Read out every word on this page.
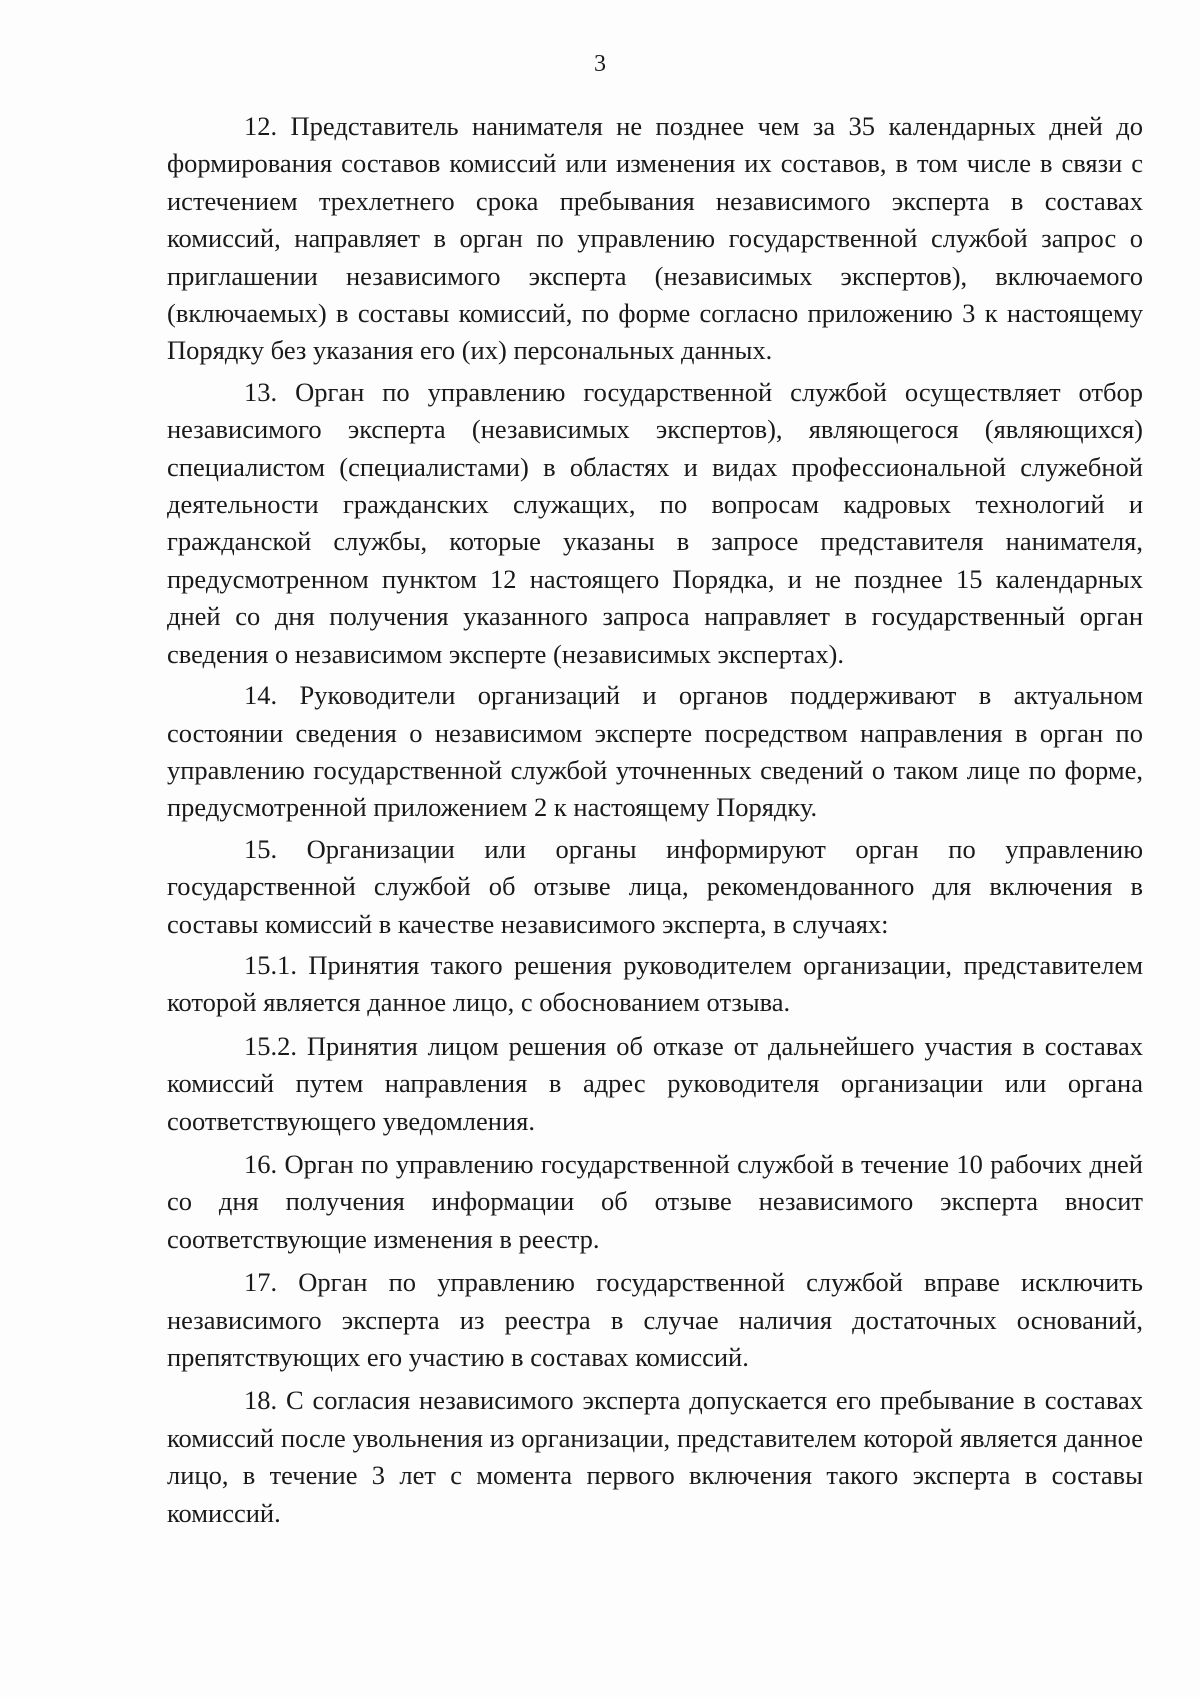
3

12. Представитель нанимателя не позднее чем за 35 календарных дней до формирования составов комиссий или изменения их составов, в том числе в связи с истечением трехлетнего срока пребывания независимого эксперта в составах комиссий, направляет в орган по управлению государственной службой запрос о приглашении независимого эксперта (независимых экспертов), включаемого (включаемых) в составы комиссий, по форме согласно приложению 3 к настоящему Порядку без указания его (их) персональных данных.

13. Орган по управлению государственной службой осуществляет отбор независимого эксперта (независимых экспертов), являющегося (являющихся) специалистом (специалистами) в областях и видах профессиональной служебной деятельности гражданских служащих, по вопросам кадровых технологий и гражданской службы, которые указаны в запросе представителя нанимателя, предусмотренном пунктом 12 настоящего Порядка, и не позднее 15 календарных дней со дня получения указанного запроса направляет в государственный орган сведения о независимом эксперте (независимых экспертах).

14. Руководители организаций и органов поддерживают в актуальном состоянии сведения о независимом эксперте посредством направления в орган по управлению государственной службой уточненных сведений о таком лице по форме, предусмотренной приложением 2 к настоящему Порядку.

15. Организации или органы информируют орган по управлению государственной службой об отзыве лица, рекомендованного для включения в составы комиссий в качестве независимого эксперта, в случаях:

15.1. Принятия такого решения руководителем организации, представителем которой является данное лицо, с обоснованием отзыва.

15.2. Принятия лицом решения об отказе от дальнейшего участия в составах комиссий путем направления в адрес руководителя организации или органа соответствующего уведомления.

16. Орган по управлению государственной службой в течение 10 рабочих дней со дня получения информации об отзыве независимого эксперта вносит соответствующие изменения в реестр.

17. Орган по управлению государственной службой вправе исключить независимого эксперта из реестра в случае наличия достаточных оснований, препятствующих его участию в составах комиссий.

18. С согласия независимого эксперта допускается его пребывание в составах комиссий после увольнения из организации, представителем которой является данное лицо, в течение 3 лет с момента первого включения такого эксперта в составы комиссий.
